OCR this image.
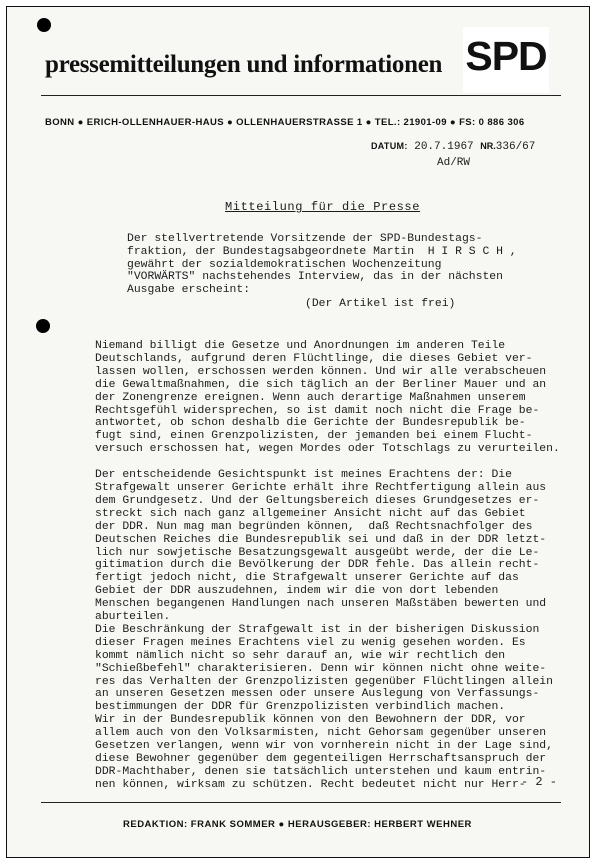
pressemitteilungen und informationen SPD
BONN ● ERICH-OLLENHAUER-HAUS ● OLLENHAUERSTRASSE 1 ● TEL.: 21901-09 ● FS: 0 886 306
DATUM: 20.7.1967 NR.336/67
Ad/RW
Mitteilung für die Presse
Der stellvertretende Vorsitzende der SPD-Bundestags-
fraktion, der Bundestagsabgeordnete Martin  H I R S C H ,
gewährt der sozialdemokratischen Wochenzeitung
"VORWÄRTS" nachstehendes Interview, das in der nächsten
Ausgabe erscheint:
(Der Artikel ist frei)
Niemand billigt die Gesetze und Anordnungen im anderen Teile
Deutschlands, aufgrund deren Flüchtlinge, die dieses Gebiet ver-
lassen wollen, erschossen werden können. Und wir alle verabscheuen
die Gewaltmaßnahmen, die sich täglich an der Berliner Mauer und an
der Zonengrenze ereignen. Wenn auch derartige Maßnahmen unserem
Rechtsgefühl widersprechen, so ist damit noch nicht die Frage be-
antwortet, ob schon deshalb die Gerichte der Bundesrepublik be-
fugt sind, einen Grenzpolizisten, der jemanden bei einem Flucht-
versuch erschossen hat, wegen Mordes oder Totschlags zu verurteilen.

Der entscheidende Gesichtspunkt ist meines Erachtens der: Die
Strafgewalt unserer Gerichte erhält ihre Rechtfertigung allein aus
dem Grundgesetz. Und der Geltungsbereich dieses Grundgesetzes er-
streckt sich nach ganz allgemeiner Ansicht nicht auf das Gebiet
der DDR. Nun mag man begründen können,  daß Rechtsnachfolger des
Deutschen Reiches die Bundesrepublik sei und daß in der DDR letzt-
lich nur sowjetische Besatzungsgewalt ausgeübt werde, der die Le-
gitimation durch die Bevölkerung der DDR fehle. Das allein recht-
fertigt jedoch nicht, die Strafgewalt unserer Gerichte auf das
Gebiet der DDR auszudehnen, indem wir die von dort lebenden
Menschen begangenen Handlungen nach unseren Maßstäben bewerten und
aburteilen.
Die Beschränkung der Strafgewalt ist in der bisherigen Diskussion
dieser Fragen meines Erachtens viel zu wenig gesehen worden. Es
kommt nämlich nicht so sehr darauf an, wie wir rechtlich den
"Schießbefehl" charakterisieren. Denn wir können nicht ohne weite-
res das Verhalten der Grenzpolizisten gegenüber Flüchtlingen allein
an unseren Gesetzen messen oder unsere Auslegung von Verfassungs-
bestimmungen der DDR für Grenzpolizisten verbindlich machen.
Wir in der Bundesrepublik können von den Bewohnern der DDR, vor
allem auch von den Volksarmisten, nicht Gehorsam gegenüber unseren
Gesetzen verlangen, wenn wir von vornherein nicht in der Lage sind,
diese Bewohner gegenüber dem gegenteiligen Herrschaftsanspruch der
DDR-Machthaber, denen sie tatsächlich unterstehen und kaum entrin-
nen können, wirksam zu schützen. Recht bedeutet nicht nur Herr-
- 2 -
REDAKTION: FRANK SOMMER ● HERAUSGEBER: HERBERT WEHNER
